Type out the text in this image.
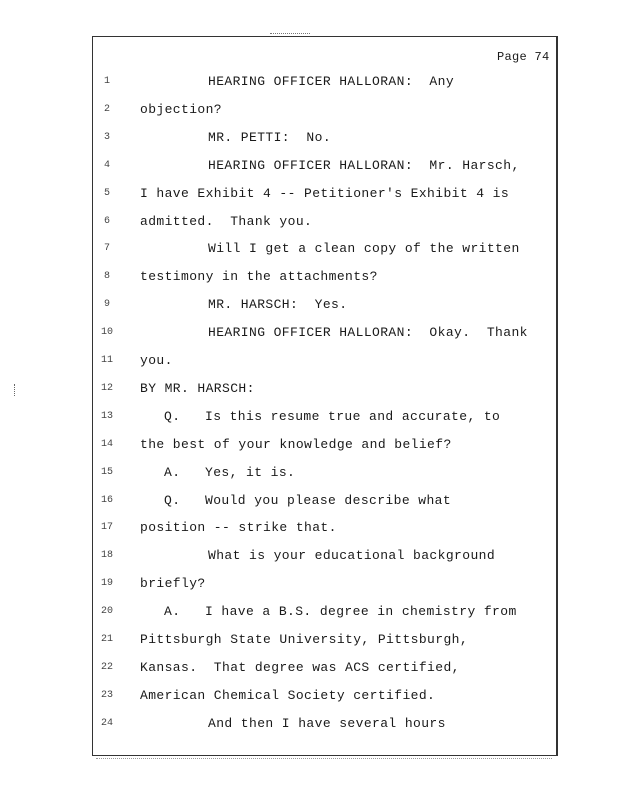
Page 74
1	HEARING OFFICER HALLORAN:  Any
2	objection?
3	MR. PETTI:  No.
4	HEARING OFFICER HALLORAN:  Mr. Harsch,
5	I have Exhibit 4 -- Petitioner's Exhibit 4 is
6	admitted.  Thank you.
7	Will I get a clean copy of the written
8	testimony in the attachments?
9	MR. HARSCH:  Yes.
10	HEARING OFFICER HALLORAN:  Okay.  Thank
11	you.
12	BY MR. HARSCH:
13	Q.   Is this resume true and accurate, to
14	the best of your knowledge and belief?
15	A.   Yes, it is.
16	Q.   Would you please describe what
17	position -- strike that.
18	What is your educational background
19	briefly?
20	A.   I have a B.S. degree in chemistry from
21	Pittsburgh State University, Pittsburgh,
22	Kansas.  That degree was ACS certified,
23	American Chemical Society certified.
24	And then I have several hours
